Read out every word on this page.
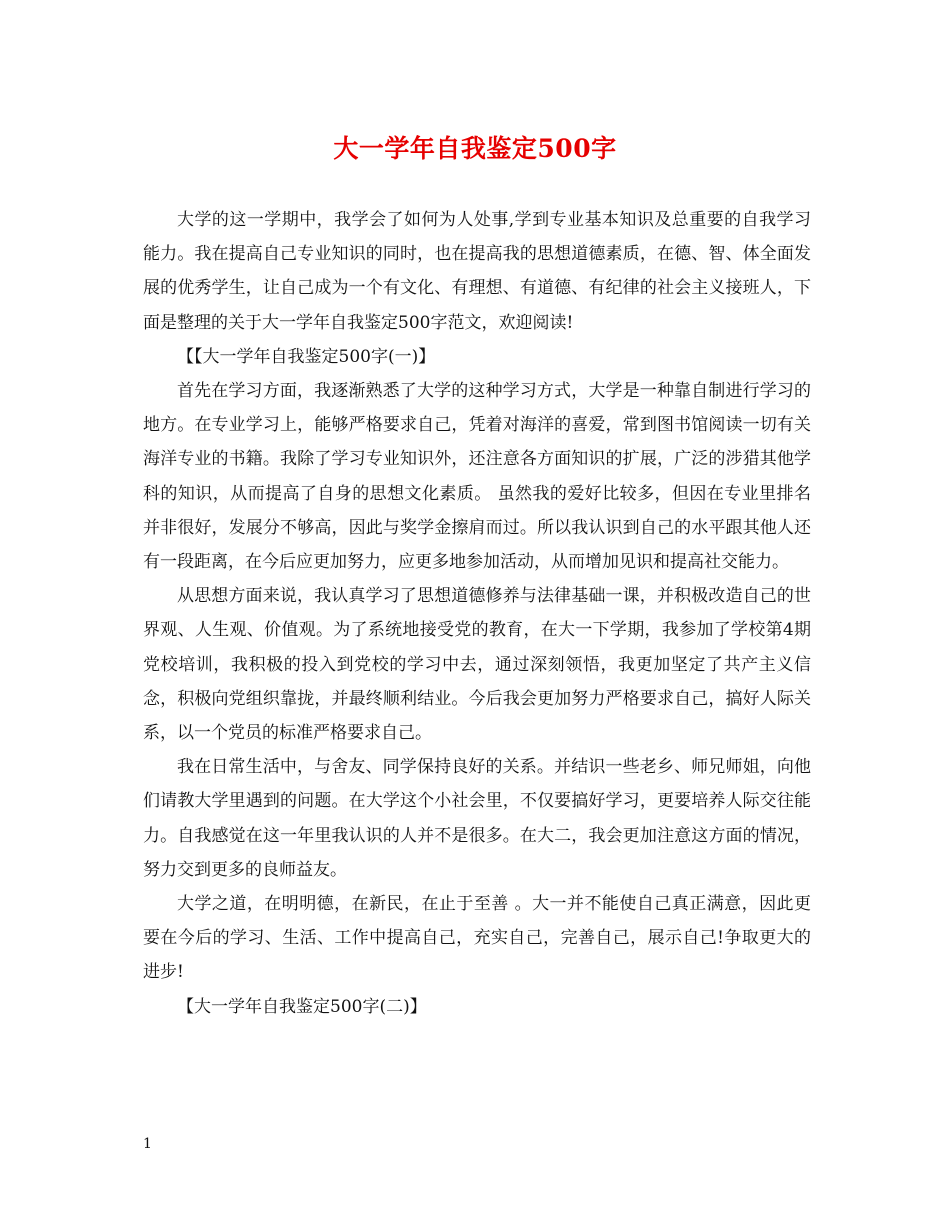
大一学年自我鉴定500字

大学的这一学期中，我学会了如何为人处事,学到专业基本知识及总重要的自我学习能力。我在提高自己专业知识的同时，也在提高我的思想道德素质，在德、智、体全面发展的优秀学生，让自己成为一个有文化、有理想、有道德、有纪律的社会主义接班人，下面是整理的关于大一学年自我鉴定500字范文，欢迎阅读!

【【大一学年自我鉴定500字(一)】

首先在学习方面，我逐渐熟悉了大学的这种学习方式，大学是一种靠自制进行学习的地方。在专业学习上，能够严格要求自己，凭着对海洋的喜爱，常到图书馆阅读一切有关海洋专业的书籍。我除了学习专业知识外，还注意各方面知识的扩展，广泛的涉猎其他学科的知识，从而提高了自身的思想文化素质。 虽然我的爱好比较多，但因在专业里排名并非很好，发展分不够高，因此与奖学金擦肩而过。所以我认识到自己的水平跟其他人还有一段距离，在今后应更加努力，应更多地参加活动，从而增加见识和提高社交能力。

从思想方面来说，我认真学习了思想道德修养与法律基础一课，并积极改造自己的世界观、人生观、价值观。为了系统地接受党的教育，在大一下学期，我参加了学校第4期党校培训，我积极的投入到党校的学习中去，通过深刻领悟，我更加坚定了共产主义信念，积极向党组织靠拢，并最终顺利结业。今后我会更加努力严格要求自己，搞好人际关系，以一个党员的标准严格要求自己。

我在日常生活中，与舍友、同学保持良好的关系。并结识一些老乡、师兄师姐，向他们请教大学里遇到的问题。在大学这个小社会里，不仅要搞好学习，更要培养人际交往能力。自我感觉在这一年里我认识的人并不是很多。在大二，我会更加注意这方面的情况，努力交到更多的良师益友。

大学之道，在明明德，在新民，在止于至善 。大一并不能使自己真正满意，因此更要在今后的学习、生活、工作中提高自己，充实自己，完善自己，展示自己!争取更大的进步!

【大一学年自我鉴定500字(二)】

1
